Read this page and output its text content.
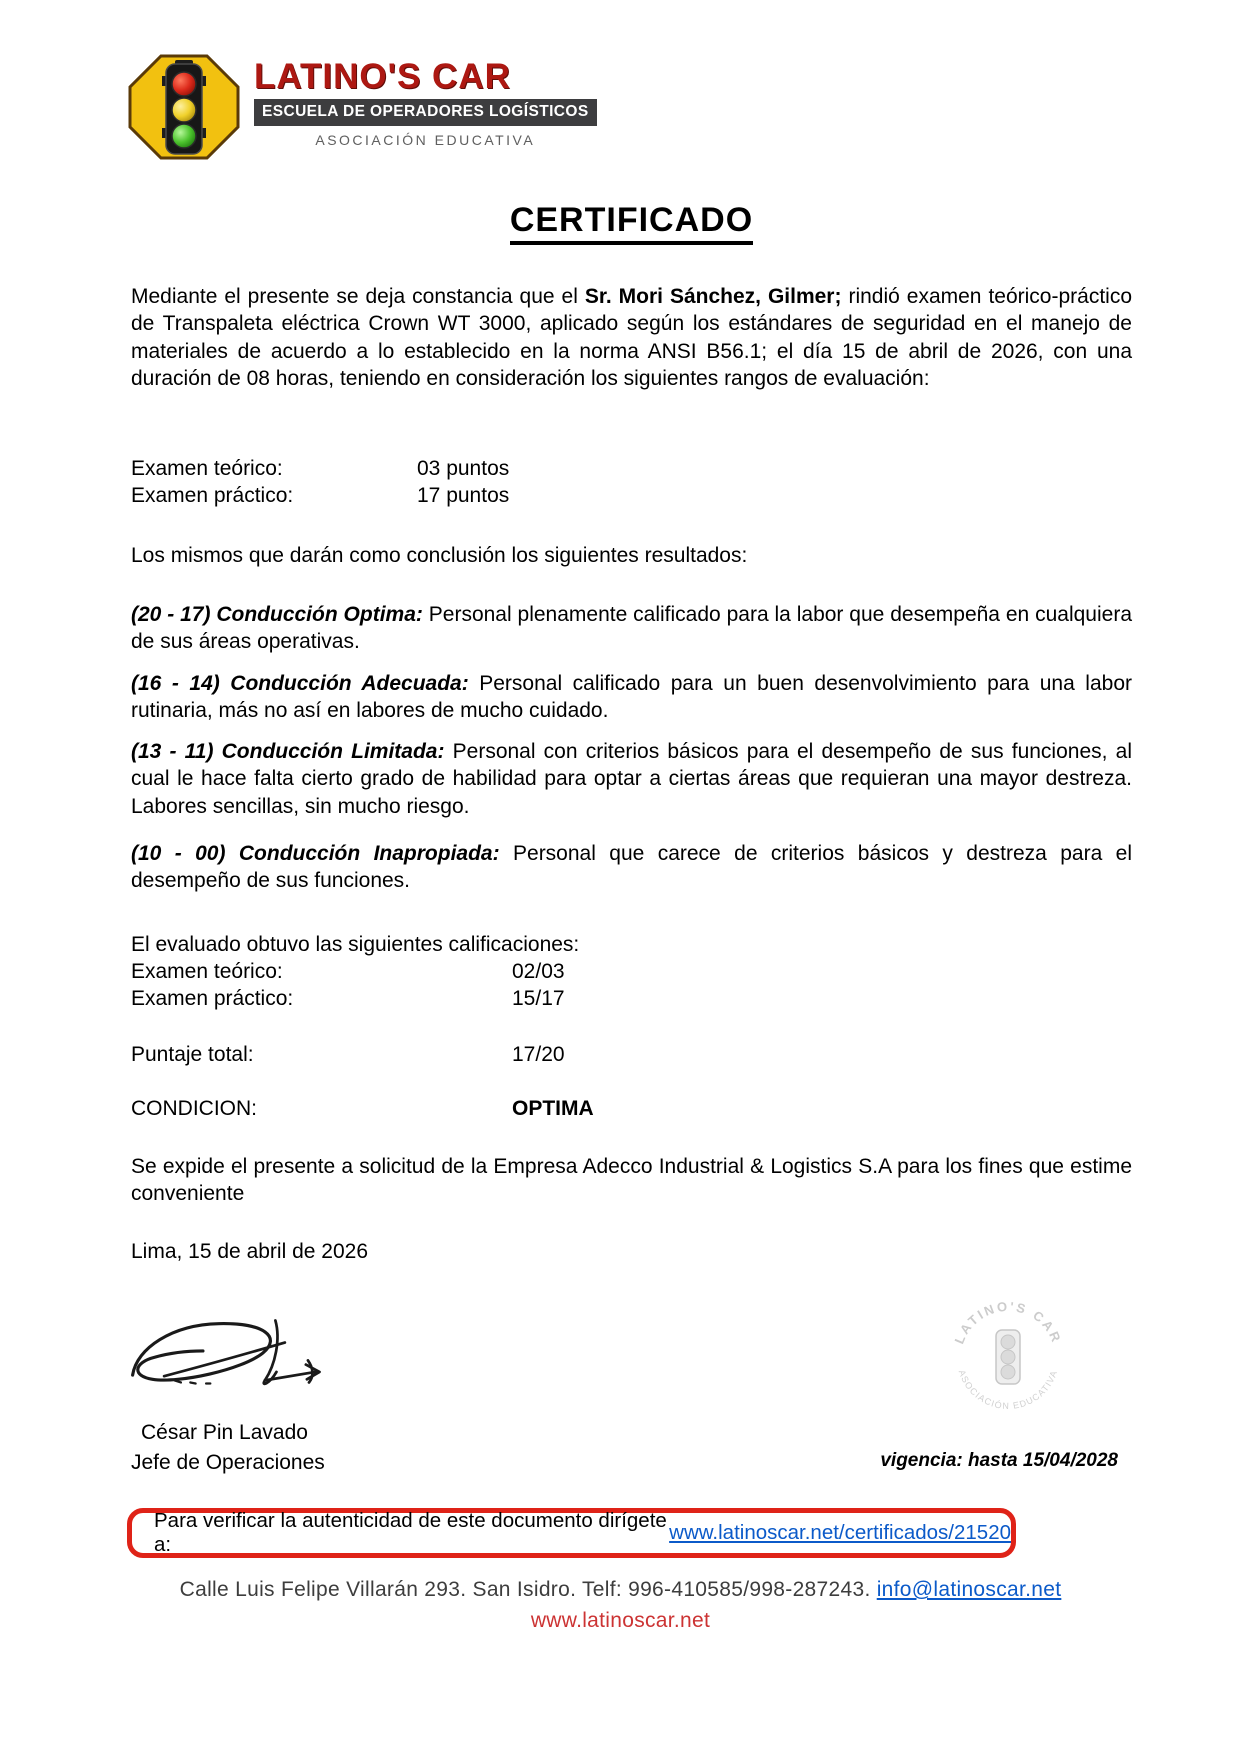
LATINO'S CAR
ESCUELA DE OPERADORES LOGÍSTICOS
ASOCIACIÓN EDUCATIVA
CERTIFICADO
Mediante el presente se deja constancia que el Sr. Mori Sánchez, Gilmer; rindió examen teórico-práctico de Transpaleta eléctrica Crown WT 3000, aplicado según los estándares de seguridad en el manejo de materiales de acuerdo a lo establecido en la norma ANSI B56.1; el día 15 de abril de 2026, con una duración de 08 horas, teniendo en consideración los siguientes rangos de evaluación:
Examen teórico:	03 puntos
Examen práctico:	17 puntos
Los mismos que darán como conclusión los siguientes resultados:
(20 - 17) Conducción Optima: Personal plenamente calificado para la labor que desempeña en cualquiera de sus áreas operativas.
(16 - 14) Conducción Adecuada: Personal calificado para un buen desenvolvimiento para una labor rutinaria, más no así en labores de mucho cuidado.
(13 - 11) Conducción Limitada: Personal con criterios básicos para el desempeño de sus funciones, al cual le hace falta cierto grado de habilidad para optar a ciertas áreas que requieran una mayor destreza. Labores sencillas, sin mucho riesgo.
(10 - 00) Conducción Inapropiada: Personal que carece de criterios básicos y destreza para el desempeño de sus funciones.
El evaluado obtuvo las siguientes calificaciones:
Examen teórico:	02/03
Examen práctico:	15/17
Puntaje total:	17/20
CONDICION:	OPTIMA
Se expide el presente a solicitud de la Empresa Adecco Industrial & Logistics S.A para los fines que estime conveniente
Lima, 15 de abril de 2026
César Pin Lavado
Jefe de Operaciones
LATINO'S CAR
ASOCIACIÓN EDUCATIVA
vigencia: hasta 15/04/2028
Para verificar la autenticidad de este documento dirígete a:
www.latinoscar.net/certificados/21520
Calle Luis Felipe Villarán 293. San Isidro. Telf: 996-410585/998-287243. info@latinoscar.net
www.latinoscar.net
